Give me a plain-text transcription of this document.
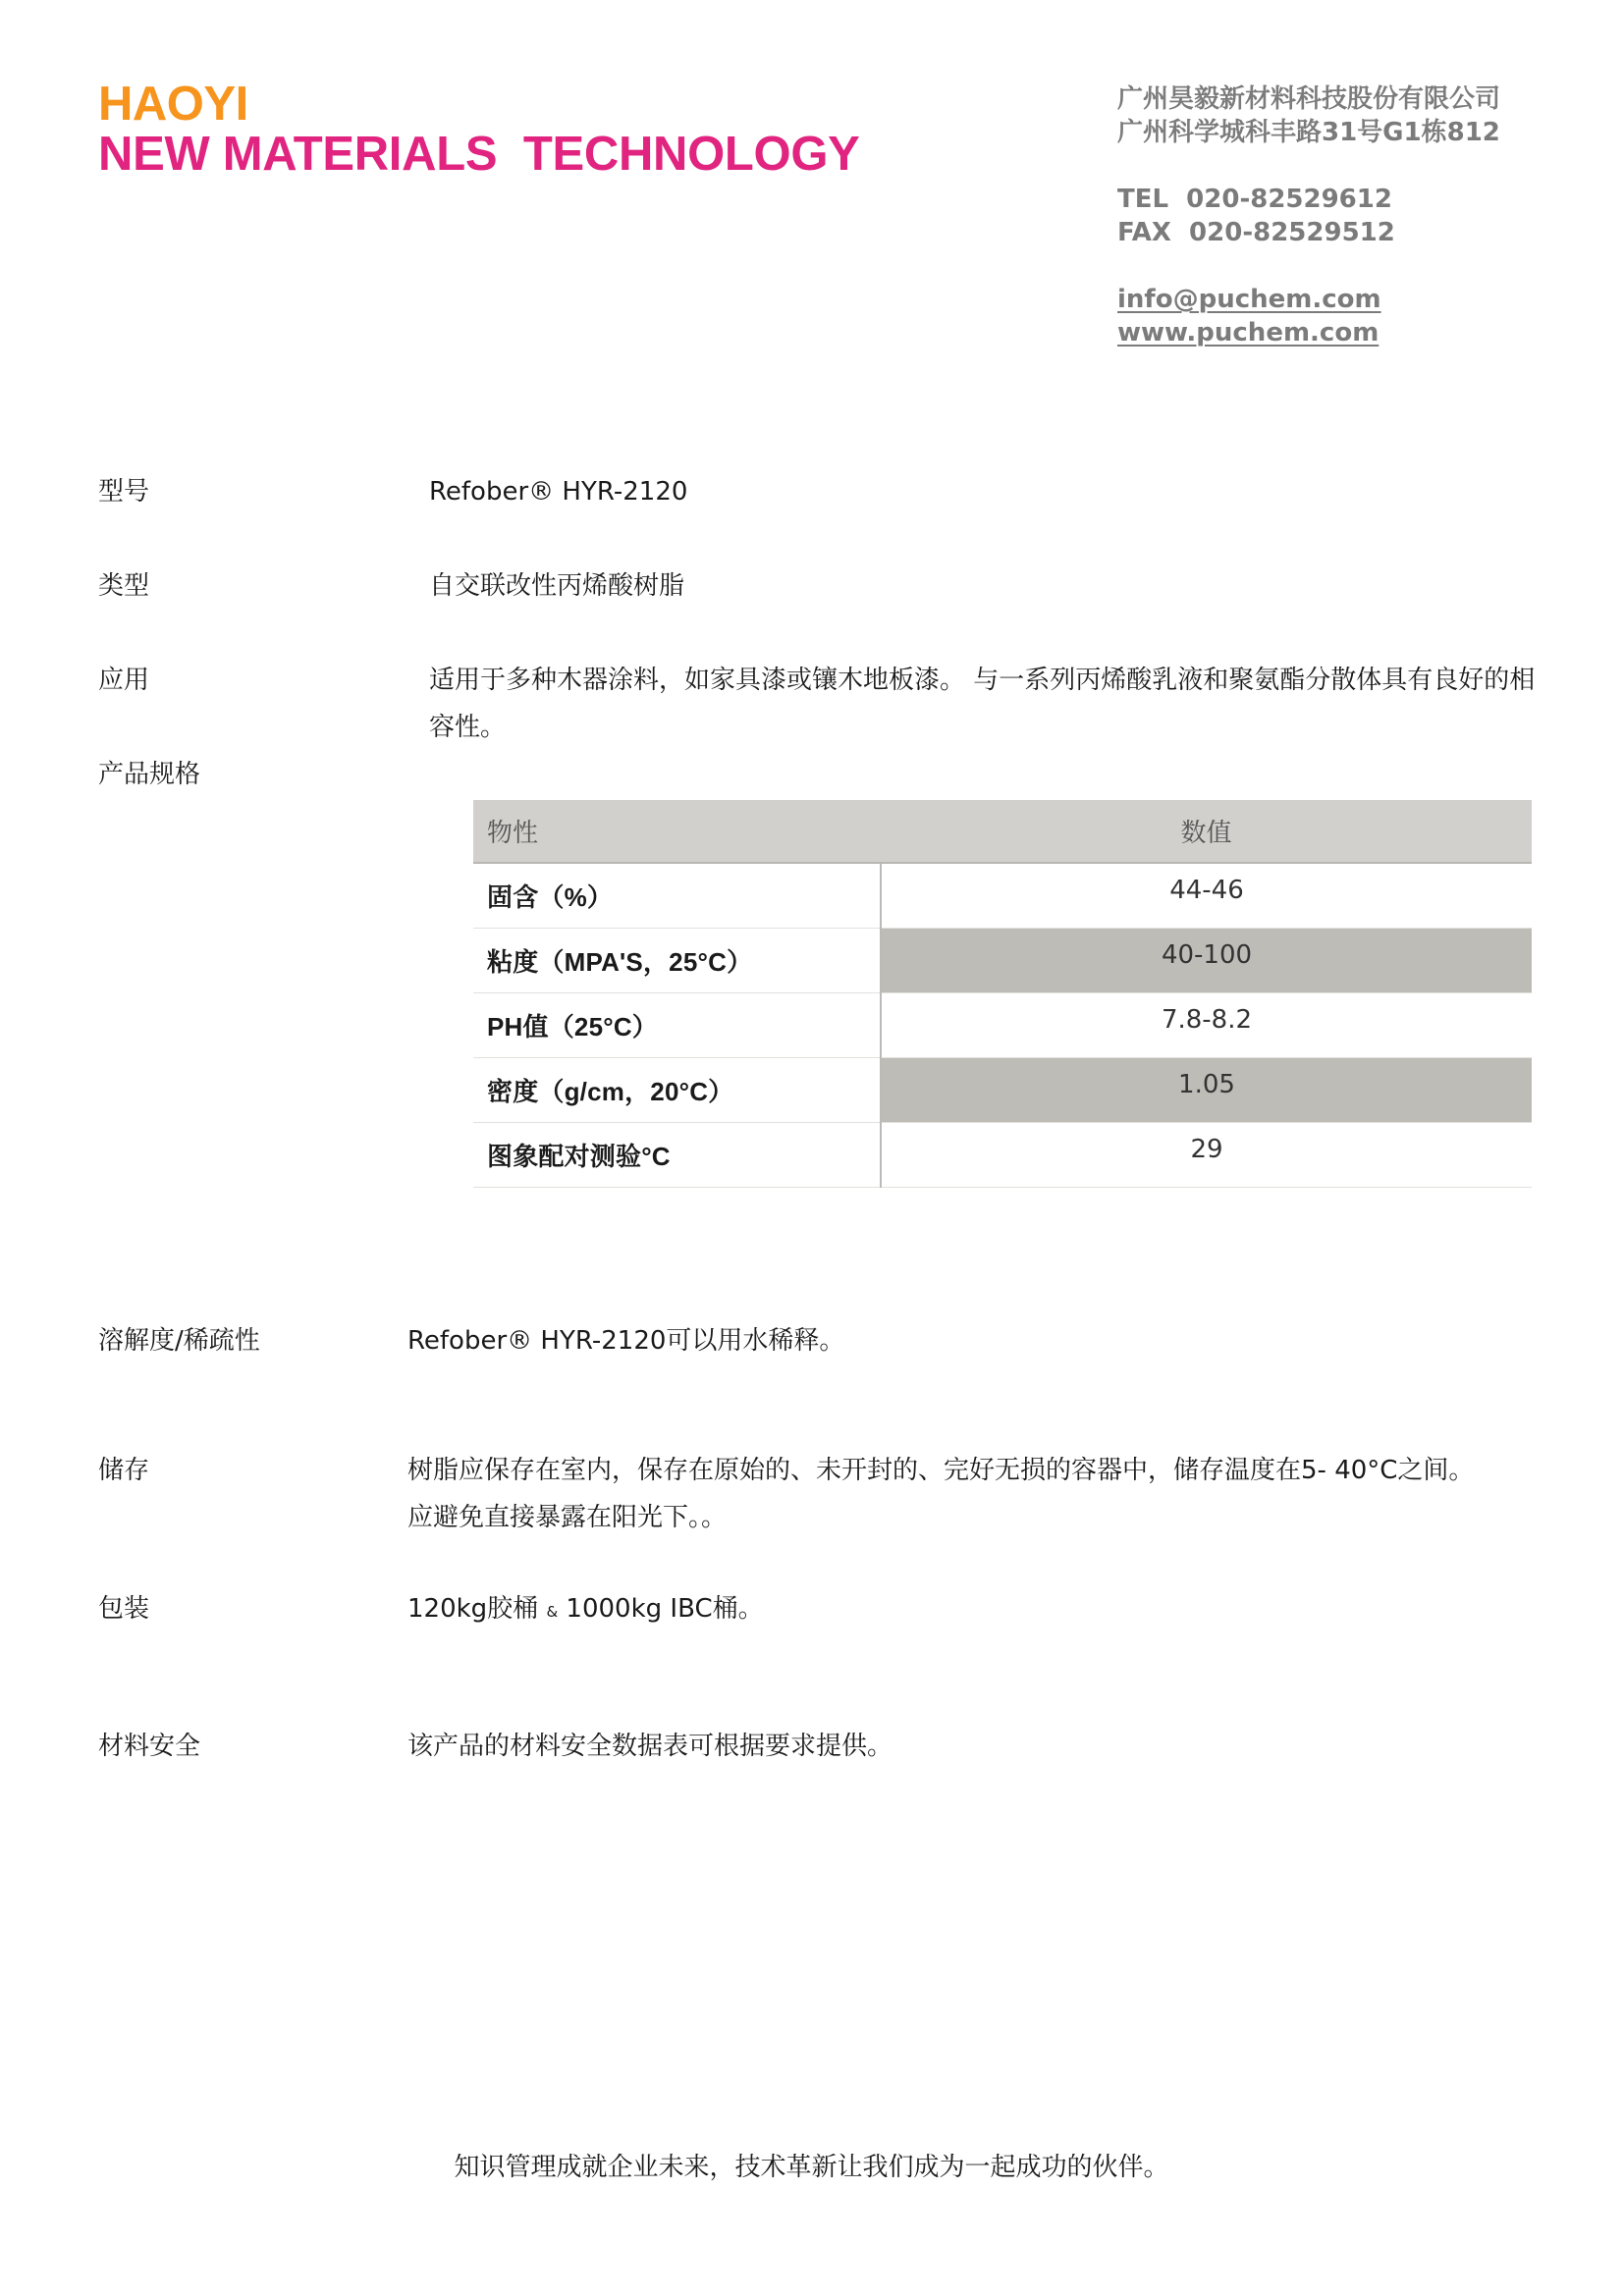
HAOYI
NEW MATERIALS  TECHNOLOGY
广州昊毅新材料科技股份有限公司
广州科学城科丰路31号G1栋812
TEL  020-82529612
FAX  020-82529512
info@puchem.com
www.puchem.com
型号	Refober® HYR-2120
类型	自交联改性丙烯酸树脂
应用	适用于多种木器涂料，如家具漆或镶木地板漆。 与一系列丙烯酸乳液和聚氨酯分散体具有良好的相容性。
产品规格
物性	数值
固含（%）	44-46
粘度（MPA'S，25°C）	40-100
PH值（25°C）	7.8-8.2
密度（g/cm，20°C）	1.05
图象配对测验°C	29
溶解度/稀疏性	Refober® HYR-2120可以用水稀释。
储存	树脂应保存在室内，保存在原始的、未开封的、完好无损的容器中，储存温度在5- 40°C之间。应避免直接暴露在阳光下。。
包装	120kg胶桶 & 1000kg IBC桶。
材料安全	该产品的材料安全数据表可根据要求提供。
知识管理成就企业未来，技术革新让我们成为一起成功的伙伴。
